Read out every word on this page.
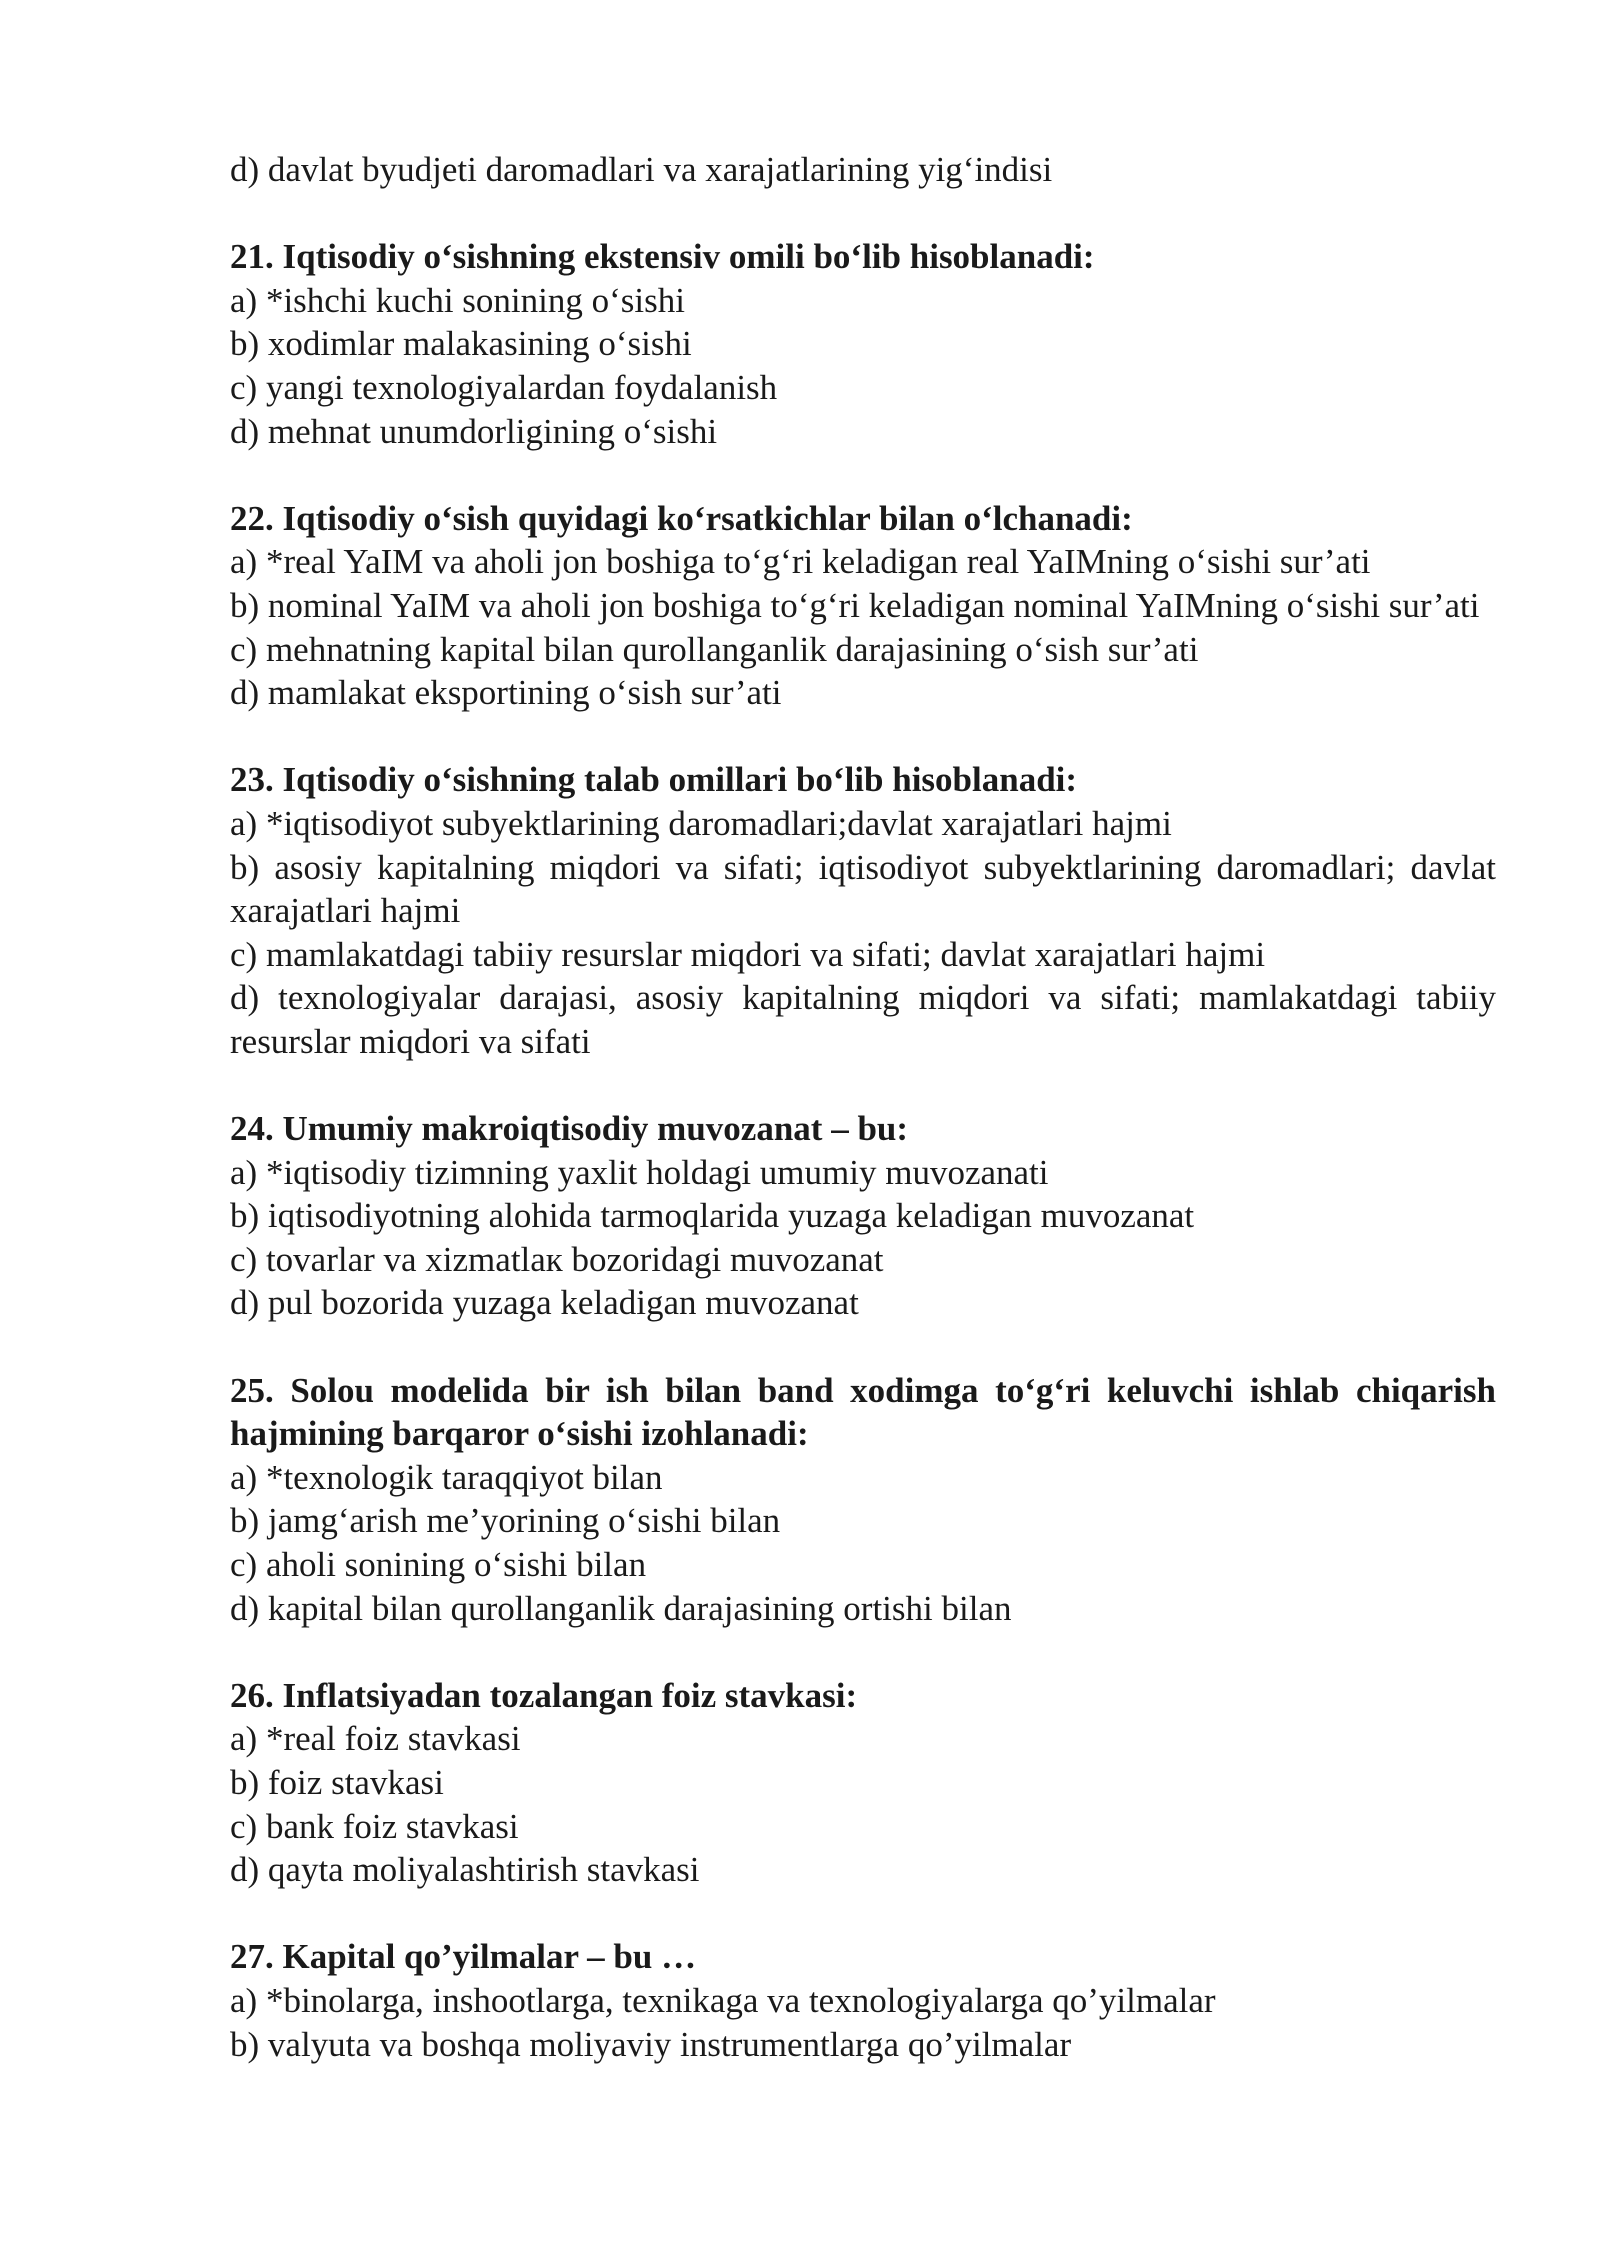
d) davlat byudjeti daromadlari va xarajatlarining yig‘indisi

21. Iqtisodiy o‘sishning ekstensiv omili bo‘lib hisoblanadi:

a) *ishchi kuchi sonining o‘sishi

b) xodimlar malakasining o‘sishi

c) yangi texnologiyalardan foydalanish

d) mehnat unumdorligining o‘sishi

22. Iqtisodiy o‘sish quyidagi ko‘rsatkichlar bilan o‘lchanadi:

a) *real YaIM va aholi jon boshiga to‘g‘ri keladigan real YaIMning o‘sishi sur’ati

b) nominal YaIM va aholi jon boshiga to‘g‘ri keladigan nominal YaIMning o‘sishi sur’ati

c) mehnatning kapital bilan qurollanganlik darajasining o‘sish sur’ati

d) mamlakat eksportining o‘sish sur’ati

23. Iqtisodiy o‘sishning talab omillari bo‘lib hisoblanadi:

a) *iqtisodiyot subyektlarining daromadlari;davlat xarajatlari hajmi

b) asosiy kapitalning miqdori va sifati; iqtisodiyot subyektlarining daromadlari; davlat xarajatlari hajmi

c) mamlakatdagi tabiiy resurslar miqdori va sifati; davlat xarajatlari hajmi

d) texnologiyalar darajasi, asosiy kapitalning miqdori va sifati; mamlakatdagi tabiiy resurslar miqdori va sifati

24. Umumiy makroiqtisodiy muvozanat – bu:

a) *iqtisodiy tizimning yaxlit holdagi umumiy muvozanati

b) iqtisodiyotning alohida tarmoqlarida yuzaga keladigan muvozanat

c) tovarlar va xizmatlaк bozoridagi muvozanat

d) pul bozorida yuzaga keladigan muvozanat

25. Solou modelida bir ish bilan band xodimga to‘g‘ri keluvchi ishlab chiqarish hajmining barqaror o‘sishi izohlanadi:

a) *texnologik taraqqiyot bilan

b) jamg‘arish me’yorining o‘sishi bilan

c) aholi sonining o‘sishi bilan

d) kapital bilan qurollanganlik darajasining ortishi bilan

26. Inflatsiyadan tozalangan foiz stavkasi:

a) *real foiz stavkasi

b) foiz stavkasi

c) bank foiz stavkasi

d) qayta moliyalashtirish stavkasi

27. Kapital qo’yilmalar – bu …

a) *binolarga, inshootlarga, texnikaga va texnologiyalarga qo’yilmalar

b) valyuta va boshqa moliyaviy instrumentlarga qo’yilmalar
